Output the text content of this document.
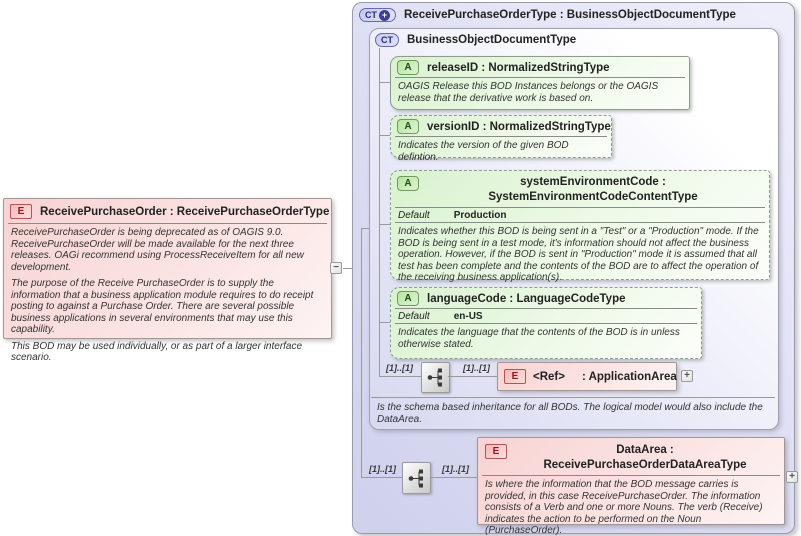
E	ReceivePurchaseOrder : ReceivePurchaseOrderType

ReceivePurchaseOrder is being deprecated as of OAGIS 9.0. ReceivePurchaseOrder will be made available for the next three releases. OAGi recommend using ProcessReceiveItem for all new development.

The purpose of the Receive PurchaseOrder is to supply the information that a business application module requires to do receipt posting to against a Purchase Order. There are several possible business applications in several environments that may use this capability.

This BOD may be used individually, or as part of a larger interface scenario.

−
CT + ReceivePurchaseOrderType : BusinessObjectDocumentType
CT	BusinessObjectDocumentType
A	releaseID : NormalizedStringType
OAGIS Release this BOD Instances belongs or the OAGIS release that the derivative work is based on.
A	versionID : NormalizedStringType
Indicates the version of the given BOD defintion.
A	systemEnvironmentCode : SystemEnvironmentCodeContentType
Default Production
Indicates whether this BOD is being sent in a "Test" or a "Production" mode. If the BOD is being sent in a test mode, it's information should not affect the business operation. However, if the BOD is sent in "Production" mode it is assumed that all test has been complete and the contents of the BOD are to affect the operation of the receiving business application(s).
A	languageCode : LanguageCodeType
Default en-US
Indicates the language that the contents of the BOD is in unless otherwise stated.
[1]..[1]	[1]..[1]
E	<Ref> : ApplicationArea +
Is the schema based inheritance for all BODs. The logical model would also include the DataArea.
[1]..[1]	[1]..[1]
E	DataArea : ReceivePurchaseOrderDataAreaType
Is where the information that the BOD message carries is provided, in this case ReceivePurchaseOrder. The information consists of a Verb and one or more Nouns. The verb (Receive) indicates the action to be performed on the Noun (PurchaseOrder).
+
